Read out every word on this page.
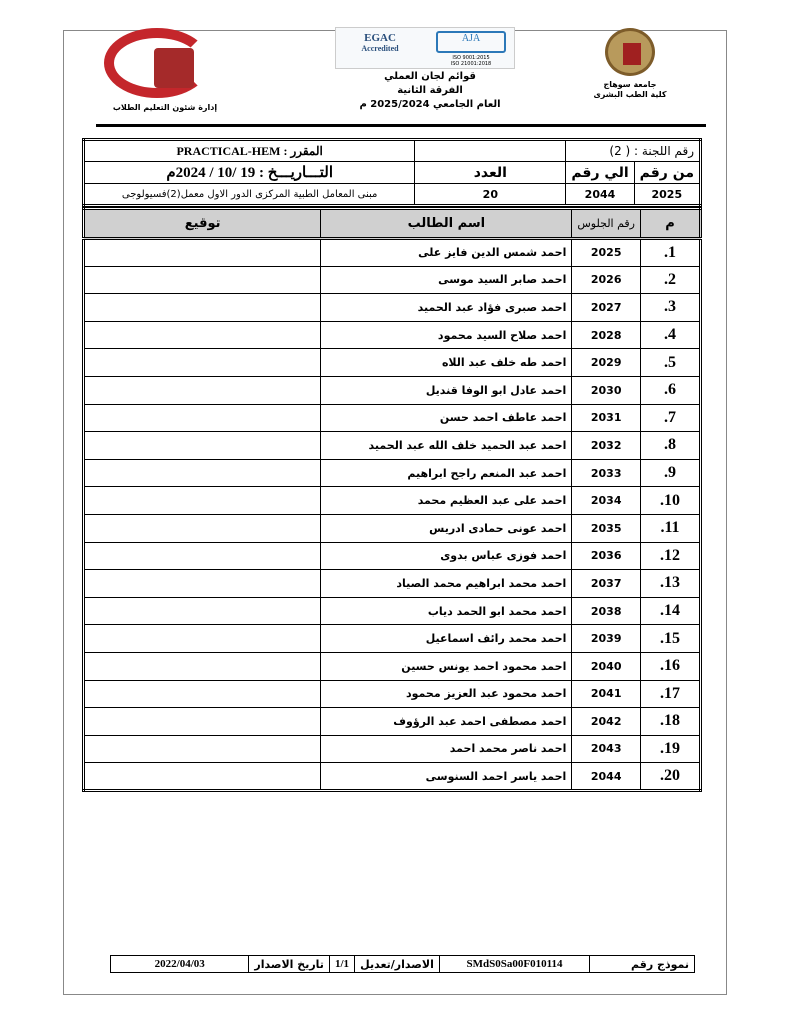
جامعة سوهاج
كلية الطب البشرى
EGAC
Accredited
AJA
ISO 9001:2015
ISO 21001:2018
قوائم لجان العملي
الفرقة الثانية
العام الجامعي 2025/2024 م
إدارة شئون التعليم الطلاب
رقم اللجنة : ( 2)			المقرر : PRACTICAL-HEM
من رقم	الي رقم	العدد	التـــاريـــخ : 19 /10 / 2024م
2025	2044	20	مبنى المعامل الطبية المركزى الدور الاول معمل(2)فسيولوجى
م	رقم الجلوس	اسم الطالب	توقيع
1.	2025	احمد شمس الدين فايز على	
2.	2026	احمد صابر السيد موسى	
3.	2027	احمد صبرى فؤاد عبد الحميد	
4.	2028	احمد صلاح السيد محمود	
5.	2029	احمد طه خلف عبد اللاه	
6.	2030	احمد عادل ابو الوفا قنديل	
7.	2031	احمد عاطف احمد حسن	
8.	2032	احمد عبد الحميد خلف الله عبد الحميد	
9.	2033	احمد عبد المنعم راجح ابراهيم	
10.	2034	احمد على عبد العظيم محمد	
11.	2035	احمد عونى حمادى ادريس	
12.	2036	احمد فوزى عباس بدوى	
13.	2037	احمد محمد ابراهيم محمد الصياد	
14.	2038	احمد محمد ابو الحمد دياب	
15.	2039	احمد محمد رائف اسماعيل	
16.	2040	احمد محمود احمد يونس حسين	
17.	2041	احمد محمود عبد العزيز محمود	
18.	2042	احمد مصطفى احمد عبد الرؤوف	
19.	2043	احمد ناصر محمد احمد	
20.	2044	احمد ياسر احمد السنوسى	
نموذج رقم	SMdS0Sa00F010114	الاصدار/تعديل	1/1	تاريخ الاصدار	2022/04/03
